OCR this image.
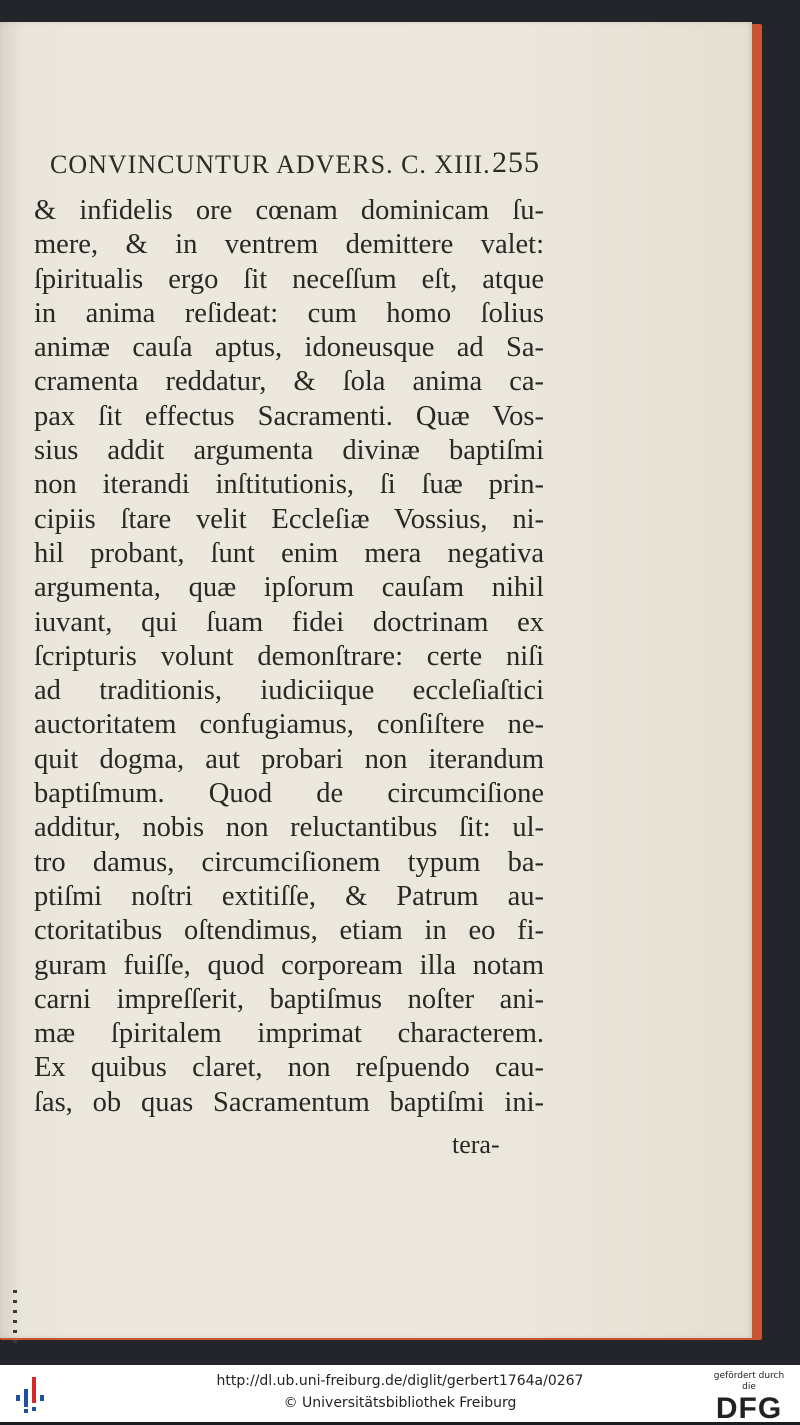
CONVINCUNTUR ADVERS. C. XIII. 255
& infidelis ore cœnam dominicam ſu-
mere, & in ventrem demittere valet:
ſpiritualis ergo ſit neceſſum eſt, atque
in anima reſideat: cum homo ſolius
animæ cauſa aptus, idoneusque ad Sa-
cramenta reddatur, & ſola anima ca-
pax ſit effectus Sacramenti. Quæ Vos-
sius addit argumenta divinæ baptiſmi
non iterandi inſtitutionis, ſi ſuæ prin-
cipiis ſtare velit Eccleſiæ Vossius, ni-
hil probant, ſunt enim mera negativa
argumenta, quæ ipſorum cauſam nihil
iuvant, qui ſuam fidei doctrinam ex
ſcripturis volunt demonſtrare: certe niſi
ad traditionis, iudiciique eccleſiaſtici
auctoritatem confugiamus, conſiſtere ne-
quit dogma, aut probari non iterandum
baptiſmum. Quod de circumciſione
additur, nobis non reluctantibus ſit: ul-
tro damus, circumciſionem typum ba-
ptiſmi noſtri extitiſſe, & Patrum au-
ctoritatibus oſtendimus, etiam in eo fi-
guram fuiſſe, quod corpoream illa notam
carni impreſſerit, baptiſmus noſter ani-
mæ ſpiritalem imprimat characterem.
Ex quibus claret, non reſpuendo cau-
ſas, ob quas Sacramentum baptiſmi ini-
tera-
http://dl.ub.uni-freiburg.de/diglit/gerbert1764a/0267
© Universitätsbibliothek Freiburg
gefördert durch die
DFG
